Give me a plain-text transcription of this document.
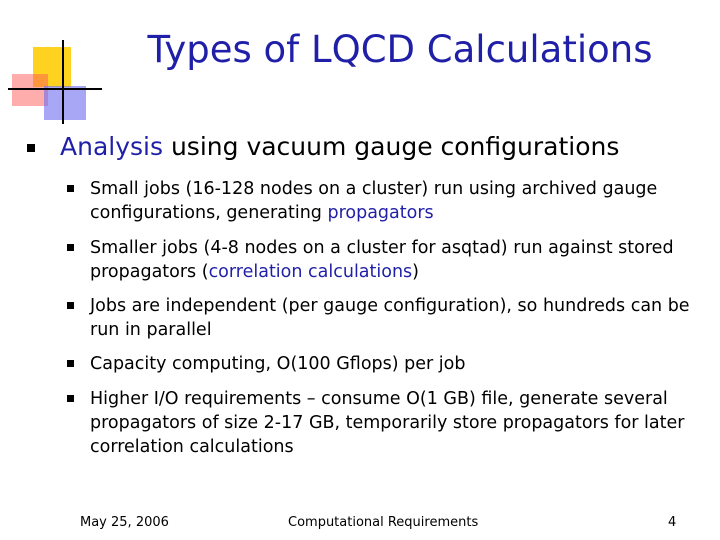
Types of LQCD Calculations
Analysis using vacuum gauge configurations
Small jobs (16-128 nodes on a cluster) run using archived gauge configurations, generating propagators
Smaller jobs (4-8 nodes on a cluster for asqtad) run against stored propagators (correlation calculations)
Jobs are independent (per gauge configuration), so hundreds can be run in parallel
Capacity computing, O(100 Gflops) per job
Higher I/O requirements – consume O(1 GB) file, generate several propagators of size 2-17 GB, temporarily store propagators for later correlation calculations
May 25, 2006	Computational Requirements	4
